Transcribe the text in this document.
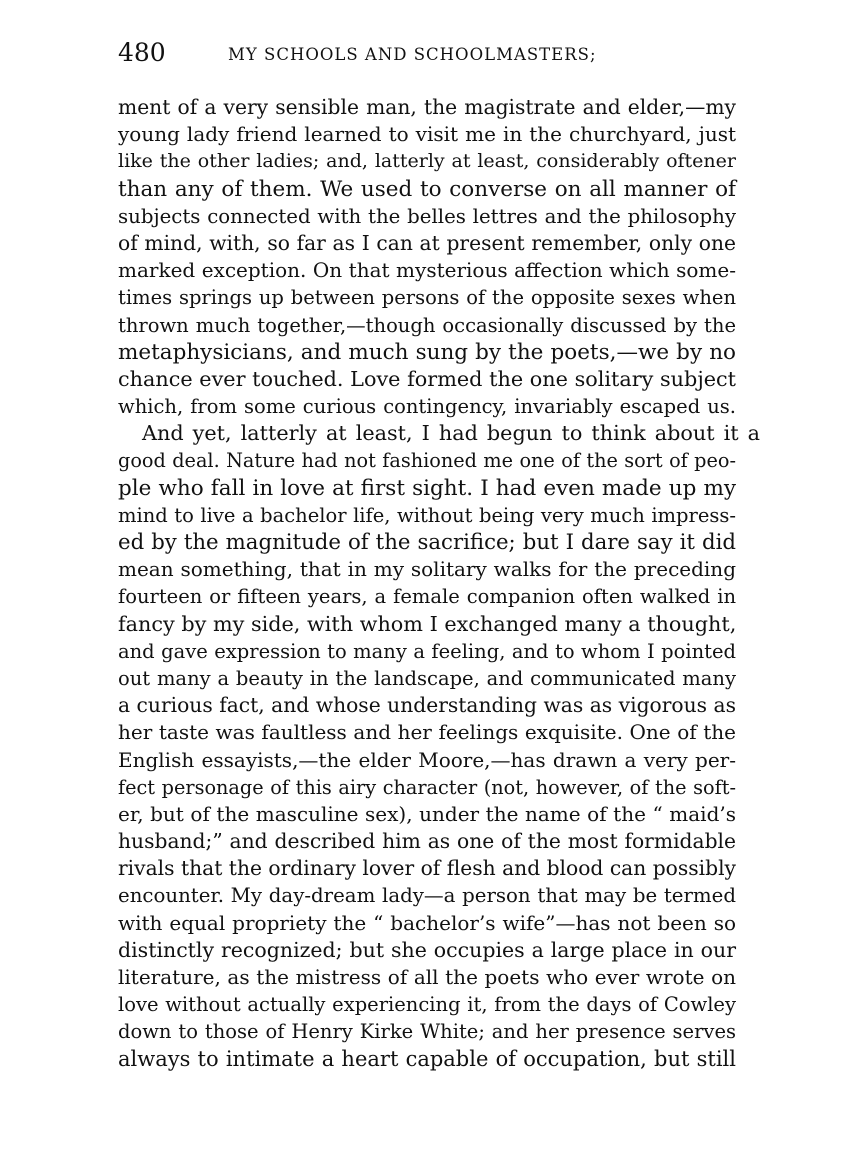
480	MY SCHOOLS AND SCHOOLMASTERS;
ment of a very sensible man, the magistrate and elder,—my
young lady friend learned to visit me in the churchyard, just
like the other ladies; and, latterly at least, considerably oftener
than any of them. We used to converse on all manner of
subjects connected with the belles lettres and the philosophy
of mind, with, so far as I can at present remember, only one
marked exception. On that mysterious affection which some-
times springs up between persons of the opposite sexes when
thrown much together,—though occasionally discussed by the
metaphysicians, and much sung by the poets,—we by no
chance ever touched. Love formed the one solitary subject
which, from some curious contingency, invariably escaped us.
And yet, latterly at least, I had begun to think about it a
good deal. Nature had not fashioned me one of the sort of peo-
ple who fall in love at first sight. I had even made up my
mind to live a bachelor life, without being very much impress-
ed by the magnitude of the sacrifice; but I dare say it did
mean something, that in my solitary walks for the preceding
fourteen or fifteen years, a female companion often walked in
fancy by my side, with whom I exchanged many a thought,
and gave expression to many a feeling, and to whom I pointed
out many a beauty in the landscape, and communicated many
a curious fact, and whose understanding was as vigorous as
her taste was faultless and her feelings exquisite. One of the
English essayists,—the elder Moore,—has drawn a very per-
fect personage of this airy character (not, however, of the soft-
er, but of the masculine sex), under the name of the “ maid’s
husband;” and described him as one of the most formidable
rivals that the ordinary lover of flesh and blood can possibly
encounter. My day-dream lady—a person that may be termed
with equal propriety the “ bachelor’s wife”—has not been so
distinctly recognized; but she occupies a large place in our
literature, as the mistress of all the poets who ever wrote on
love without actually experiencing it, from the days of Cowley
down to those of Henry Kirke White; and her presence serves
always to intimate a heart capable of occupation, but still
